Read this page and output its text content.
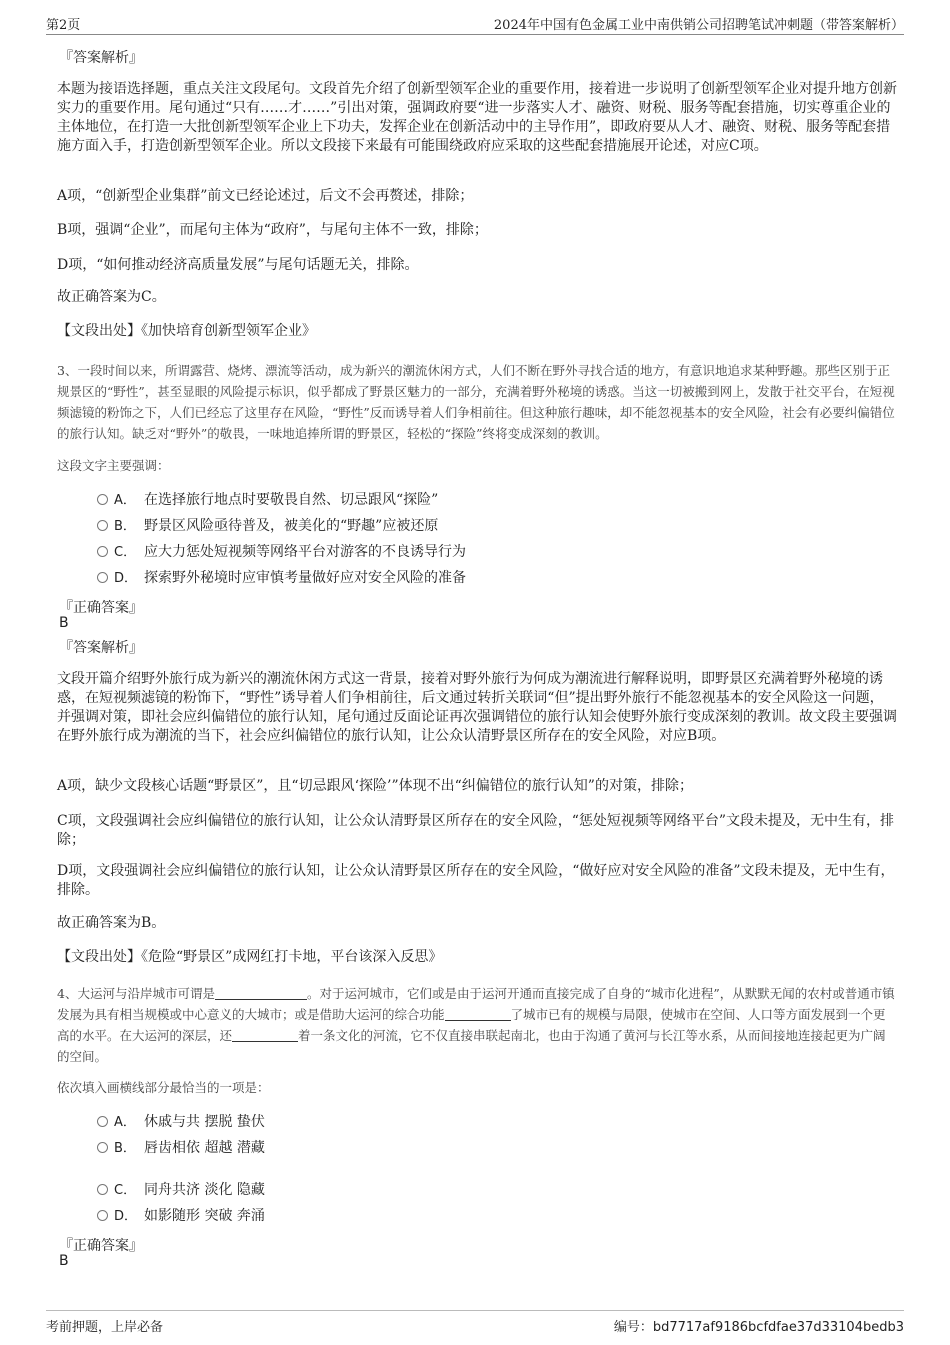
第2页	2024年中国有色金属工业中南供销公司招聘笔试冲刺题（带答案解析）
『答案解析』

本题为接语选择题，重点关注文段尾句。文段首先介绍了创新型领军企业的重要作用，接着进一步说明了创新型领军企业对提升地方创新实力的重要作用。尾句通过“只有……才……”引出对策，强调政府要“进一步落实人才、融资、财税、服务等配套措施，切实尊重企业的主体地位，在打造一大批创新型领军企业上下功夫，发挥企业在创新活动中的主导作用”，即政府要从人才、融资、财税、服务等配套措施方面入手，打造创新型领军企业。所以文段接下来最有可能围绕政府应采取的这些配套措施展开论述，对应C项。

A项，“创新型企业集群”前文已经论述过，后文不会再赘述，排除；

B项，强调“企业”，而尾句主体为“政府”，与尾句主体不一致，排除；

D项，“如何推动经济高质量发展”与尾句话题无关，排除。

故正确答案为C。

【文段出处】《加快培育创新型领军企业》

3、一段时间以来，所谓露营、烧烤、漂流等活动，成为新兴的潮流休闲方式，人们不断在野外寻找合适的地方，有意识地追求某种野趣。那些区别于正规景区的“野性”，甚至显眼的风险提示标识，似乎都成了野景区魅力的一部分，充满着野外秘境的诱惑。当这一切被搬到网上，发散于社交平台，在短视频滤镜的粉饰之下，人们已经忘了这里存在风险，“野性”反而诱导着人们争相前往。但这种旅行趣味，却不能忽视基本的安全风险，社会有必要纠偏错位的旅行认知。缺乏对“野外”的敬畏，一味地追捧所谓的野景区，轻松的“探险”终将变成深刻的教训。

这段文字主要强调：
A． 在选择旅行地点时要敬畏自然、切忌跟风“探险”
B． 野景区风险亟待普及，被美化的“野趣”应被还原
C． 应大力惩处短视频等网络平台对游客的不良诱导行为
D． 探索野外秘境时应审慎考量做好应对安全风险的准备
『正确答案』
B
『答案解析』

文段开篇介绍野外旅行成为新兴的潮流休闲方式这一背景，接着对野外旅行为何成为潮流进行解释说明，即野景区充满着野外秘境的诱惑，在短视频滤镜的粉饰下，“野性”诱导着人们争相前往，后文通过转折关联词“但”提出野外旅行不能忽视基本的安全风险这一问题，并强调对策，即社会应纠偏错位的旅行认知，尾句通过反面论证再次强调错位的旅行认知会使野外旅行变成深刻的教训。故文段主要强调在野外旅行成为潮流的当下，社会应纠偏错位的旅行认知，让公众认清野景区所存在的安全风险，对应B项。

A项，缺少文段核心话题“野景区”，且“切忌跟风‘探险’”体现不出“纠偏错位的旅行认知”的对策，排除；

C项，文段强调社会应纠偏错位的旅行认知，让公众认清野景区所存在的安全风险，“惩处短视频等网络平台”文段未提及，无中生有，排除；

D项，文段强调社会应纠偏错位的旅行认知，让公众认清野景区所存在的安全风险，“做好应对安全风险的准备”文段未提及，无中生有，排除。

故正确答案为B。

【文段出处】《危险“野景区”成网红打卡地，平台该深入反思》

4、大运河与沿岸城市可谓是	。对于运河城市，它们或是由于运河开通而直接完成了自身的“城市化进程”，从默默无闻的农村或普通市镇发展为具有相当规模或中心意义的大城市；或是借助大运河的综合功能	了城市已有的规模与局限，使城市在空间、人口等方面发展到一个更高的水平。在大运河的深层，还	着一条文化的河流，它不仅直接串联起南北，也由于沟通了黄河与长江等水系，从而间接地连接起更为广阔的空间。

依次填入画横线部分最恰当的一项是：
A． 休戚与共 摆脱 蛰伏
B． 唇齿相依 超越 潜藏
C． 同舟共济 淡化 隐藏
D． 如影随形 突破 奔涌
『正确答案』
B
考前押题，上岸必备	编号：bd7717af9186bcfdfae37d33104bedb3
